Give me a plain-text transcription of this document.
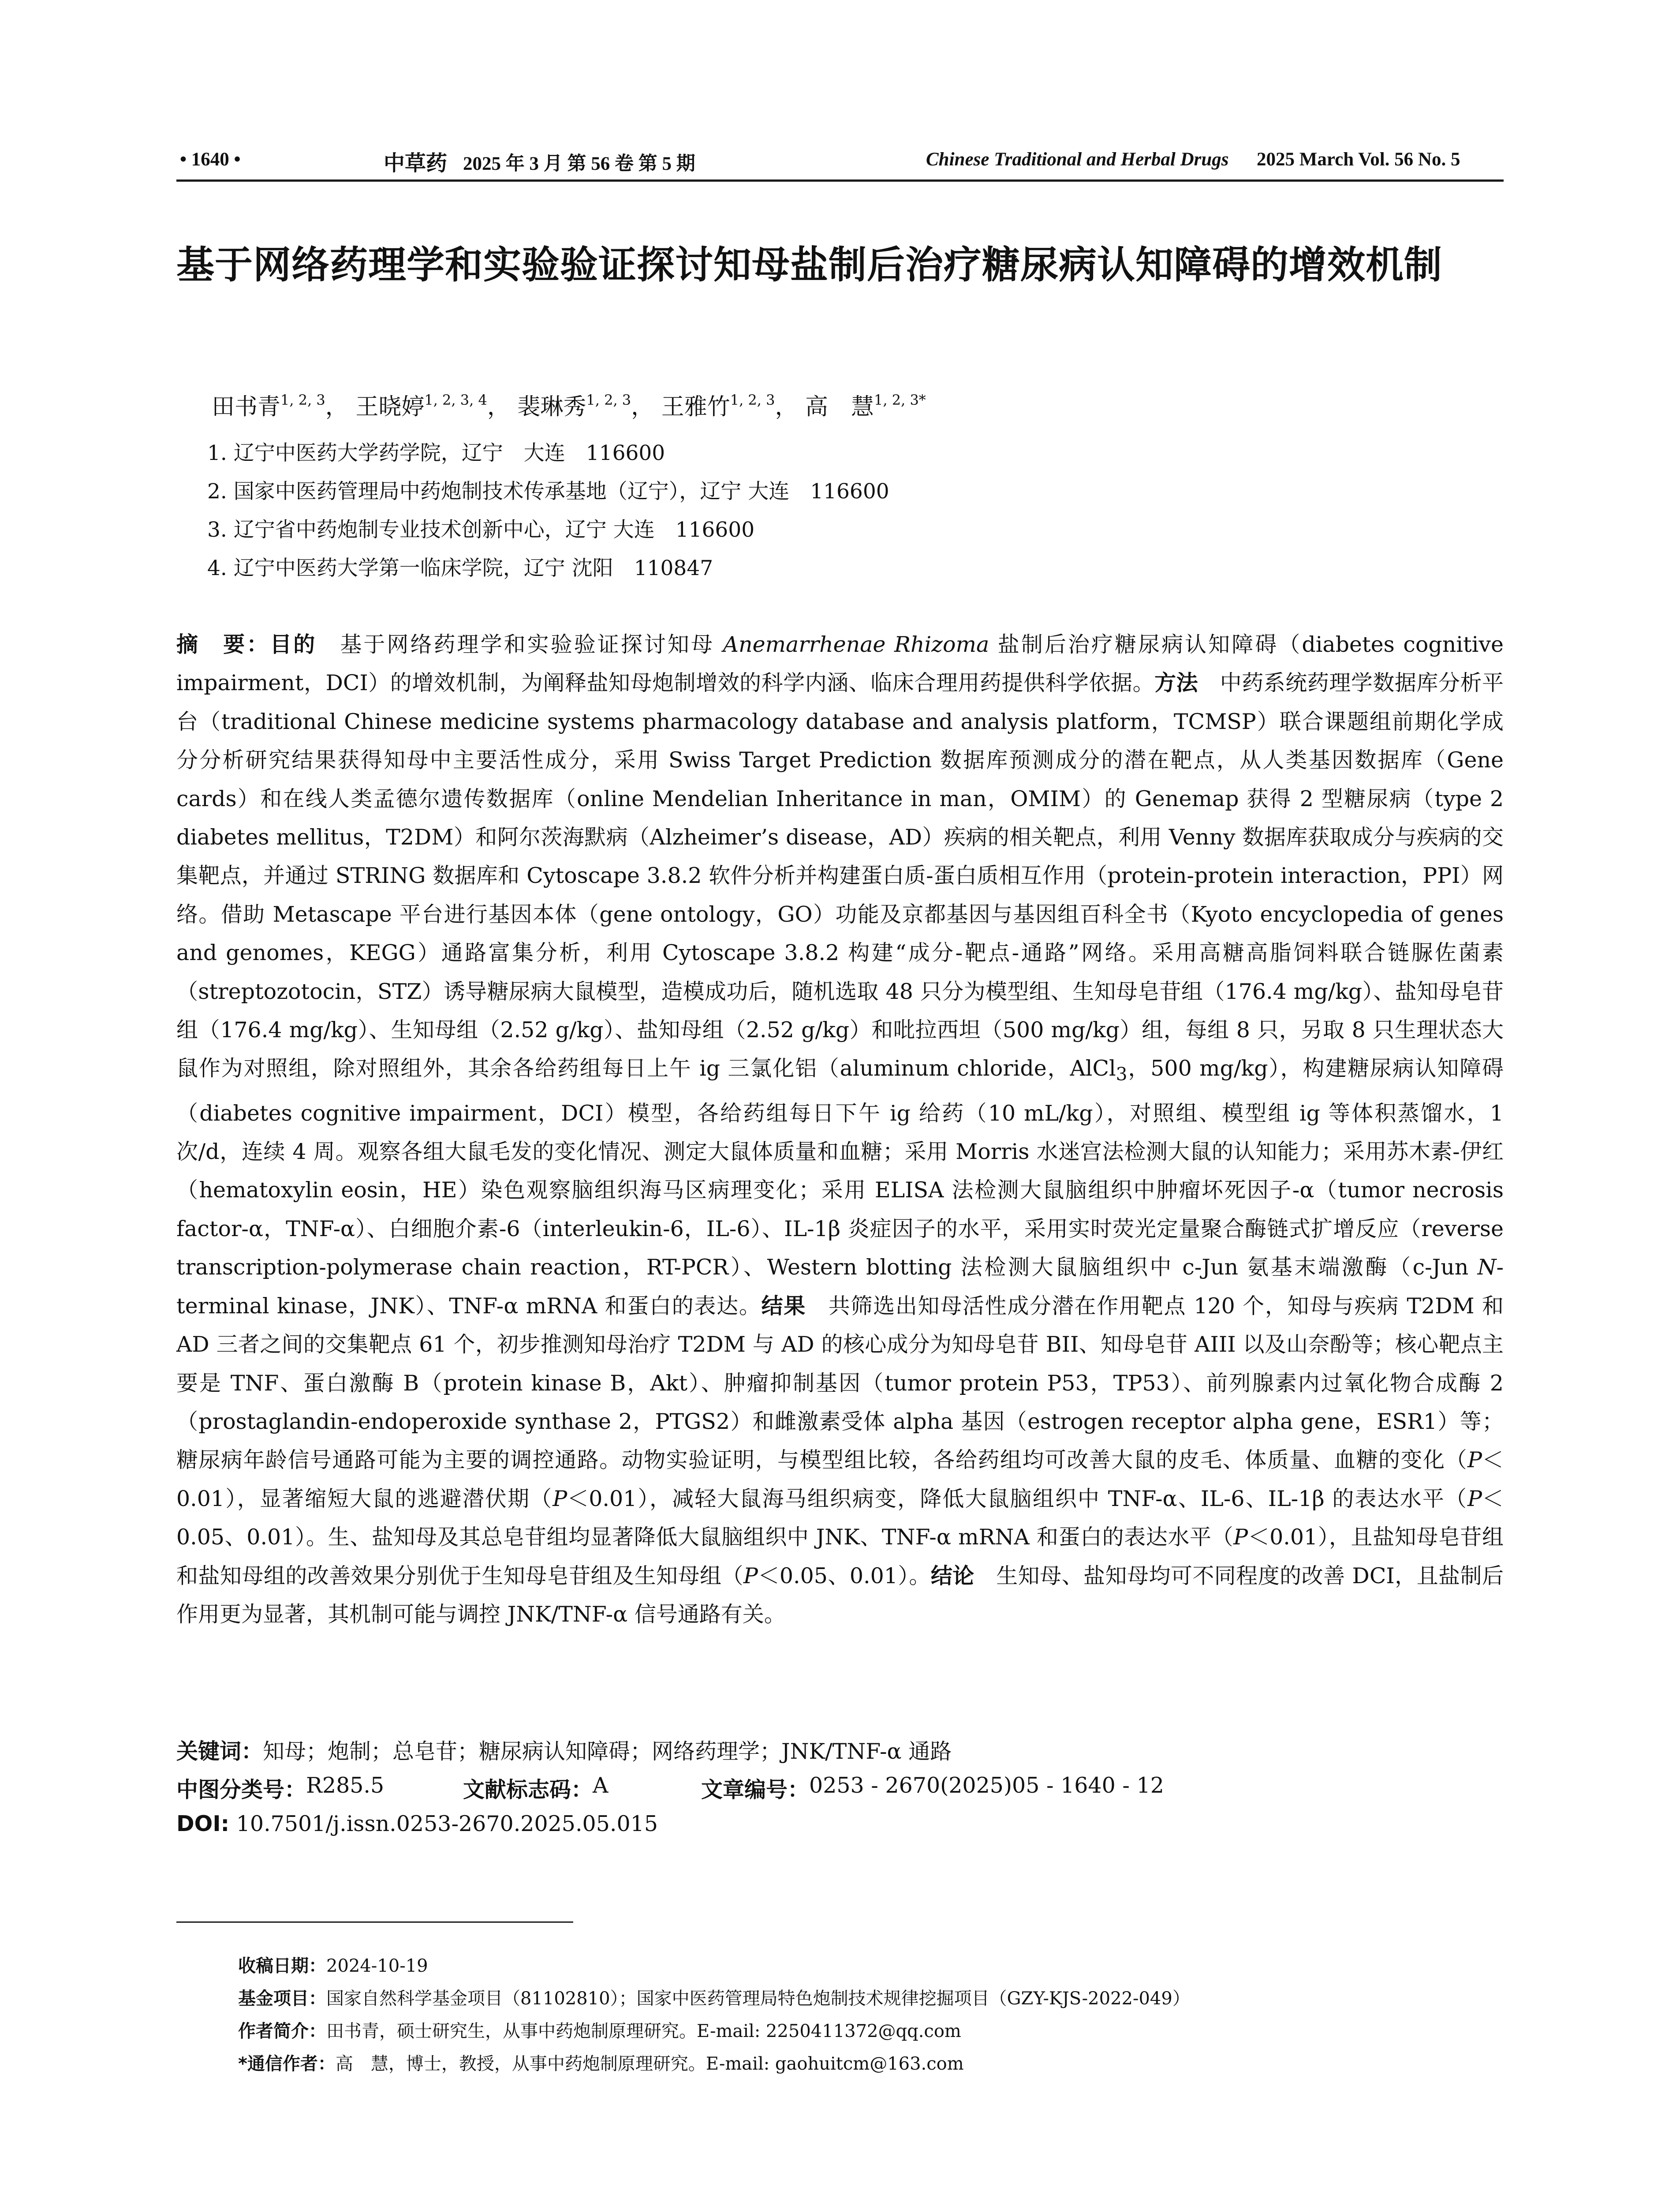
• 1640 •	中草药 2025 年 3 月 第 56 卷 第 5 期	Chinese Traditional and Herbal Drugs 2025 March Vol. 56 No. 5
基于网络药理学和实验验证探讨知母盐制后治疗糖尿病认知障碍的增效机制
田书青$^{1, 2, 3}$， 王晓婷$^{1, 2, 3, 4}$， 裴琳秀$^{1, 2, 3}$， 王雅竹$^{1, 2, 3}$， 高　慧$^{1, 2, 3*}$
1. 辽宁中医药大学药学院，辽宁　大连　116600
2. 国家中医药管理局中药炮制技术传承基地（辽宁），辽宁 大连　116600
3. 辽宁省中药炮制专业技术创新中心，辽宁 大连　116600
4. 辽宁中医药大学第一临床学院，辽宁 沈阳　110847
摘　要：目的　基于网络药理学和实验验证探讨知母 Anemarrhenae Rhizoma 盐制后治疗糖尿病认知障碍（diabetes cognitive impairment，DCI）的增效机制，为阐释盐知母炮制增效的科学内涵、临床合理用药提供科学依据。方法　中药系统药理学数据库分析平台（traditional Chinese medicine systems pharmacology database and analysis platform，TCMSP）联合课题组前期化学成分分析研究结果获得知母中主要活性成分，采用 Swiss Target Prediction 数据库预测成分的潜在靶点，从人类基因数据库（Gene cards）和在线人类孟德尔遗传数据库（online Mendelian Inheritance in man，OMIM）的 Genemap 获得 2 型糖尿病（type 2 diabetes mellitus，T2DM）和阿尔茨海默病（Alzheimer’s disease，AD）疾病的相关靶点，利用 Venny 数据库获取成分与疾病的交集靶点，并通过 STRING 数据库和 Cytoscape 3.8.2 软件分析并构建蛋白质-蛋白质相互作用（protein-protein interaction，PPI）网络。借助 Metascape 平台进行基因本体（gene ontology，GO）功能及京都基因与基因组百科全书（Kyoto encyclopedia of genes and genomes，KEGG）通路富集分析，利用 Cytoscape 3.8.2 构建“成分-靶点-通路”网络。采用高糖高脂饲料联合链脲佐菌素（streptozotocin，STZ）诱导糖尿病大鼠模型，造模成功后，随机选取 48 只分为模型组、生知母皂苷组（176.4 mg/kg）、盐知母皂苷组（176.4 mg/kg）、生知母组（2.52 g/kg）、盐知母组（2.52 g/kg）和吡拉西坦（500 mg/kg）组，每组 8 只，另取 8 只生理状态大鼠作为对照组，除对照组外，其余各给药组每日上午 ig 三氯化铝（aluminum chloride，AlCl$_3$，500 mg/kg），构建糖尿病认知障碍（diabetes cognitive impairment，DCI）模型，各给药组每日下午 ig 给药（10 mL/kg），对照组、模型组 ig 等体积蒸馏水，1 次/d，连续 4 周。观察各组大鼠毛发的变化情况、测定大鼠体质量和血糖；采用 Morris 水迷宫法检测大鼠的认知能力；采用苏木素-伊红（hematoxylin eosin，HE）染色观察脑组织海马区病理变化；采用 ELISA 法检测大鼠脑组织中肿瘤坏死因子-α（tumor necrosis factor-α，TNF-α）、白细胞介素-6（interleukin-6，IL-6）、IL-1β 炎症因子的水平，采用实时荧光定量聚合酶链式扩增反应（reverse transcription-polymerase chain reaction，RT-PCR）、Western blotting 法检测大鼠脑组织中 c-Jun 氨基末端激酶（c-Jun N-terminal kinase，JNK）、TNF-α mRNA 和蛋白的表达。结果　共筛选出知母活性成分潜在作用靶点 120 个，知母与疾病 T2DM 和 AD 三者之间的交集靶点 61 个，初步推测知母治疗 T2DM 与 AD 的核心成分为知母皂苷 BII、知母皂苷 AIII 以及山奈酚等；核心靶点主要是 TNF、蛋白激酶 B（protein kinase B，Akt）、肿瘤抑制基因（tumor protein P53，TP53）、前列腺素内过氧化物合成酶 2（prostaglandin-endoperoxide synthase 2，PTGS2）和雌激素受体 alpha 基因（estrogen receptor alpha gene，ESR1）等；糖尿病年龄信号通路可能为主要的调控通路。动物实验证明，与模型组比较，各给药组均可改善大鼠的皮毛、体质量、血糖的变化（P＜0.01），显著缩短大鼠的逃避潜伏期（P＜0.01），减轻大鼠海马组织病变，降低大鼠脑组织中 TNF-α、IL-6、IL-1β 的表达水平（P＜0.05、0.01）。生、盐知母及其总皂苷组均显著降低大鼠脑组织中 JNK、TNF-α mRNA 和蛋白的表达水平（P＜0.01），且盐知母皂苷组和盐知母组的改善效果分别优于生知母皂苷组及生知母组（P＜0.05、0.01）。结论　生知母、盐知母均可不同程度的改善 DCI，且盐制后作用更为显著，其机制可能与调控 JNK/TNF-α 信号通路有关。
关键词：知母；炮制；总皂苷；糖尿病认知障碍；网络药理学；JNK/TNF-α 通路
中图分类号： R285.5	文献标志码： A	文章编号： 0253 - 2670(2025)05 - 1640 - 12
DOI: 10.7501/j.issn.0253-2670.2025.05.015
收稿日期：2024-10-19
基金项目：国家自然科学基金项目（81102810）；国家中医药管理局特色炮制技术规律挖掘项目（GZY-KJS-2022-049）
作者简介：田书青，硕士研究生，从事中药炮制原理研究。E-mail: 2250411372@qq.com
*通信作者：高　慧，博士，教授，从事中药炮制原理研究。E-mail: gaohuitcm@163.com
